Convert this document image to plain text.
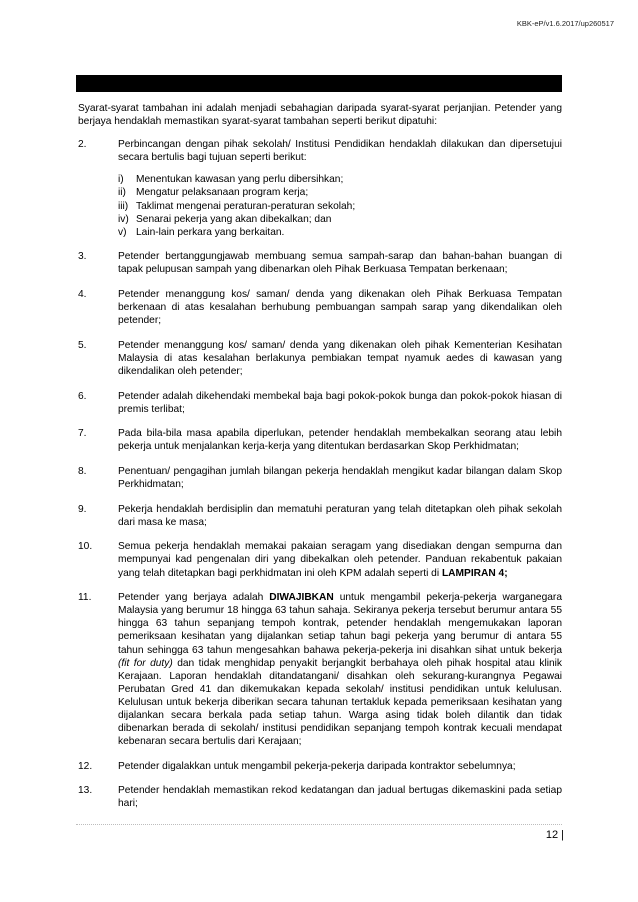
KBK-eP/v1.6.2017/up260517

Syarat-syarat tambahan ini adalah menjadi sebahagian daripada syarat-syarat perjanjian. Petender yang berjaya hendaklah memastikan syarat-syarat tambahan seperti berikut dipatuhi:

2.	Perbincangan dengan pihak sekolah/ Institusi Pendidikan hendaklah dilakukan dan dipersetujui secara bertulis bagi tujuan seperti berikut:
i) Menentukan kawasan yang perlu dibersihkan;
ii) Mengatur pelaksanaan program kerja;
iii) Taklimat mengenai peraturan-peraturan sekolah;
iv) Senarai pekerja yang akan dibekalkan; dan
v) Lain-lain perkara yang berkaitan.
3.	Petender bertanggungjawab membuang semua sampah-sarap dan bahan-bahan buangan di tapak pelupusan sampah yang dibenarkan oleh Pihak Berkuasa Tempatan berkenaan;
4.	Petender menanggung kos/ saman/ denda yang dikenakan oleh Pihak Berkuasa Tempatan berkenaan di atas kesalahan berhubung pembuangan sampah sarap yang dikendalikan oleh petender;
5.	Petender menanggung kos/ saman/ denda yang dikenakan oleh pihak Kementerian Kesihatan Malaysia di atas kesalahan berlakunya pembiakan tempat nyamuk aedes di kawasan yang dikendalikan oleh petender;
6.	Petender adalah dikehendaki membekal baja bagi pokok-pokok bunga dan pokok-pokok hiasan di premis terlibat;
7.	Pada bila-bila masa apabila diperlukan, petender hendaklah membekalkan seorang atau lebih pekerja untuk menjalankan kerja-kerja yang ditentukan berdasarkan Skop Perkhidmatan;
8.	Penentuan/ pengagihan jumlah bilangan pekerja hendaklah mengikut kadar bilangan dalam Skop Perkhidmatan;
9.	Pekerja hendaklah berdisiplin dan mematuhi peraturan yang telah ditetapkan oleh pihak sekolah dari masa ke masa;
10.	Semua pekerja hendaklah memakai pakaian seragam yang disediakan dengan sempurna dan mempunyai kad pengenalan diri yang dibekalkan oleh petender. Panduan rekabentuk pakaian yang telah ditetapkan bagi perkhidmatan ini oleh KPM adalah seperti di LAMPIRAN 4;
11.	Petender yang berjaya adalah DIWAJIBKAN untuk mengambil pekerja-pekerja warganegara Malaysia yang berumur 18 hingga 63 tahun sahaja. Sekiranya pekerja tersebut berumur antara 55 hingga 63 tahun sepanjang tempoh kontrak, petender hendaklah mengemukakan laporan pemeriksaan kesihatan yang dijalankan setiap tahun bagi pekerja yang berumur di antara 55 tahun sehingga 63 tahun mengesahkan bahawa pekerja-pekerja ini disahkan sihat untuk bekerja (fit for duty) dan tidak menghidap penyakit berjangkit berbahaya oleh pihak hospital atau klinik Kerajaan. Laporan hendaklah ditandatangani/ disahkan oleh sekurang-kurangnya Pegawai Perubatan Gred 41 dan dikemukakan kepada sekolah/ institusi pendidikan untuk kelulusan. Kelulusan untuk bekerja diberikan secara tahunan tertakluk kepada pemeriksaan kesihatan yang dijalankan secara berkala pada setiap tahun. Warga asing tidak boleh dilantik dan tidak dibenarkan berada di sekolah/ institusi pendidikan sepanjang tempoh kontrak kecuali mendapat kebenaran secara bertulis dari Kerajaan;
12.	Petender digalakkan untuk mengambil pekerja-pekerja daripada kontraktor sebelumnya;
13.	Petender hendaklah memastikan rekod kedatangan dan jadual bertugas dikemaskini pada setiap hari;
12 |
